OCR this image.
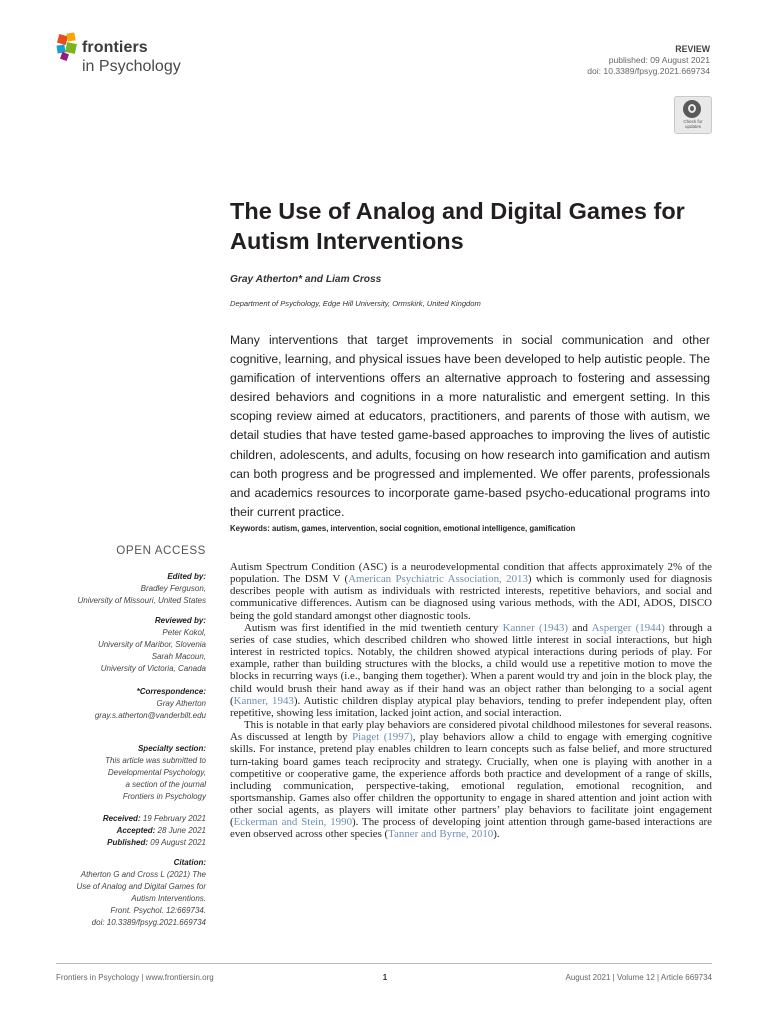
frontiers
in Psychology
REVIEW
published: 09 August 2021
doi: 10.3389/fpsyg.2021.669734
Check for updates
The Use of Analog and Digital Games for Autism Interventions
Gray Atherton* and Liam Cross
Department of Psychology, Edge Hill University, Ormskirk, United Kingdom

Many interventions that target improvements in social communication and other cognitive, learning, and physical issues have been developed to help autistic people. The gamification of interventions offers an alternative approach to fostering and assessing desired behaviors and cognitions in a more naturalistic and emergent setting. In this scoping review aimed at educators, practitioners, and parents of those with autism, we detail studies that have tested game-based approaches to improving the lives of autistic children, adolescents, and adults, focusing on how research into gamification and autism can both progress and be progressed and implemented. We offer parents, professionals and academics resources to incorporate game-based psycho-educational programs into their current practice.

Keywords: autism, games, intervention, social cognition, emotional intelligence, gamification
OPEN ACCESS
Edited by:
Bradley Ferguson,
University of Missouri, United States
Reviewed by:
Peter Kokol,
University of Maribor, Slovenia
Sarah Macoun,
University of Victoria, Canada
*Correspondence:
Gray Atherton
gray.s.atherton@vanderbilt.edu
Specialty section:
This article was submitted to
Developmental Psychology,
a section of the journal
Frontiers in Psychology
Received: 19 February 2021
Accepted: 28 June 2021
Published: 09 August 2021
Citation:
Atherton G and Cross L (2021) The
Use of Analog and Digital Games for
Autism Interventions.
Front. Psychol. 12:669734.
doi: 10.3389/fpsyg.2021.669734

Autism Spectrum Condition (ASC) is a neurodevelopmental condition that affects approximately 2% of the population. The DSM V (American Psychiatric Association, 2013) which is commonly used for diagnosis describes people with autism as individuals with restricted interests, repetitive behaviors, and social and communicative differences. Autism can be diagnosed using various methods, with the ADI, ADOS, DISCO being the gold standard amongst other diagnostic tools.

Autism was first identified in the mid twentieth century Kanner (1943) and Asperger (1944) through a series of case studies, which described children who showed little interest in social interactions, but high interest in restricted topics. Notably, the children showed atypical interactions during periods of play. For example, rather than building structures with the blocks, a child would use a repetitive motion to move the blocks in recurring ways (i.e., banging them together). When a parent would try and join in the block play, the child would brush their hand away as if their hand was an object rather than belonging to a social agent (Kanner, 1943). Autistic children display atypical play behaviors, tending to prefer independent play, often repetitive, showing less imitation, lacked joint action, and social interaction.

This is notable in that early play behaviors are considered pivotal childhood milestones for several reasons. As discussed at length by Piaget (1997), play behaviors allow a child to engage with emerging cognitive skills. For instance, pretend play enables children to learn concepts such as false belief, and more structured turn-taking board games teach reciprocity and strategy. Crucially, when one is playing with another in a competitive or cooperative game, the experience affords both practice and development of a range of skills, including communication, perspective-taking, emotional regulation, emotional recognition, and sportsmanship. Games also offer children the opportunity to engage in shared attention and joint action with other social agents, as players will imitate other partners’ play behaviors to facilitate joint engagement (Eckerman and Stein, 1990). The process of developing joint attention through game-based interactions are even observed across other species (Tanner and Byrne, 2010).

Frontiers in Psychology | www.frontiersin.org	1	August 2021 | Volume 12 | Article 669734
